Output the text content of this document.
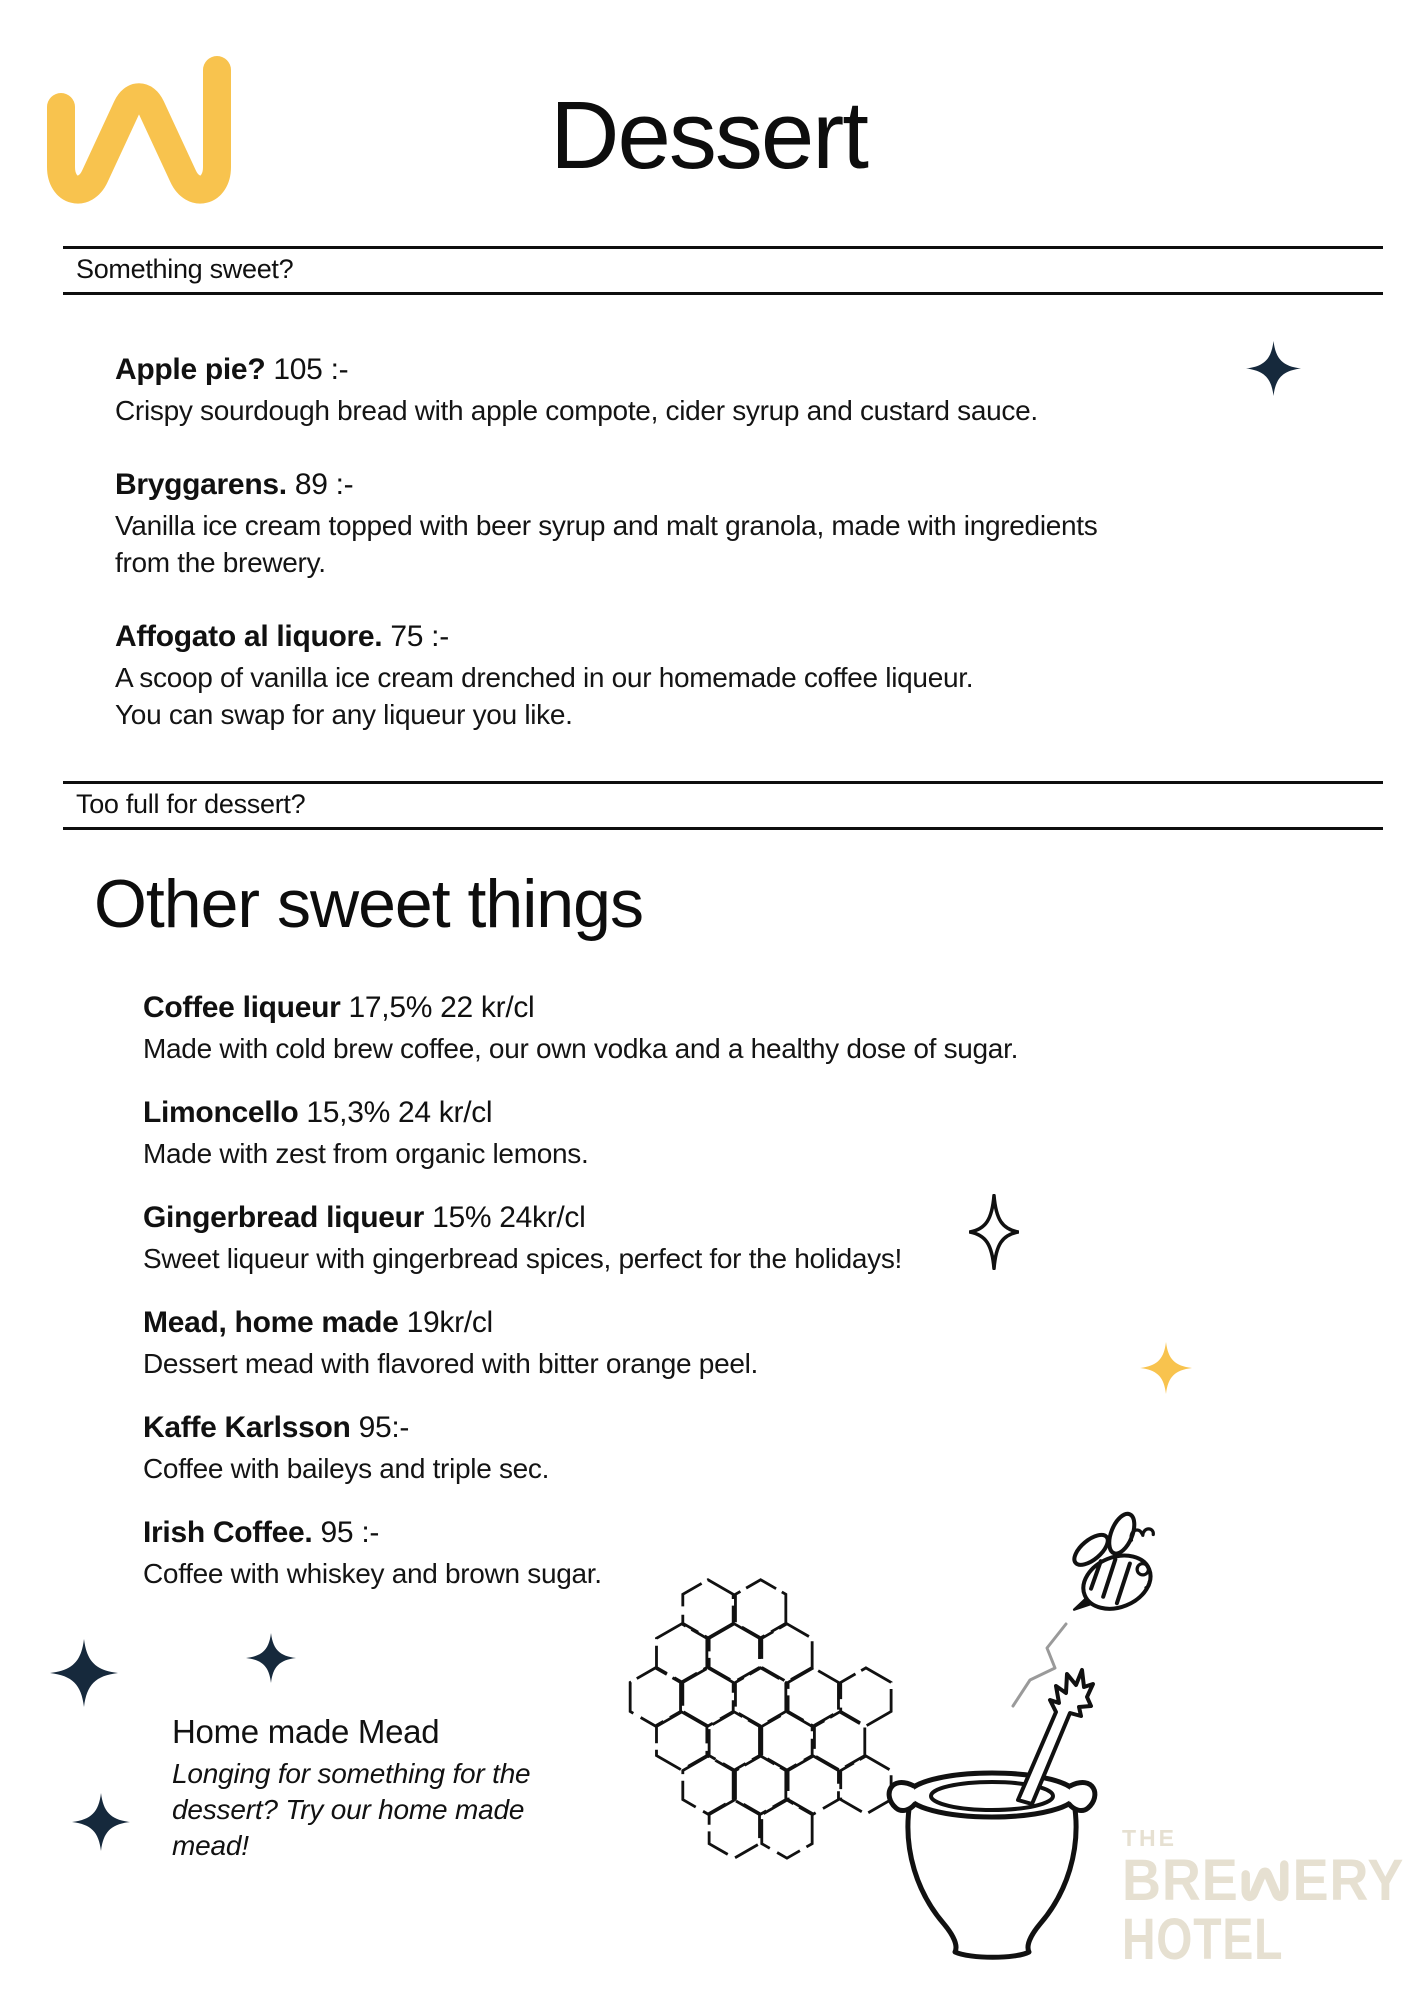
Dessert
Something sweet?
Apple pie? 105 :-

Crispy sourdough bread with apple compote, cider syrup and custard sauce.

Bryggarens. 89 :-

Vanilla ice cream topped with beer syrup and malt granola, made with ingredients

from the brewery.

Affogato al liquore. 75 :-

A scoop of vanilla ice cream drenched in our homemade coffee liqueur.

You can swap for any liqueur you like.

Too full for dessert?
Other sweet things
Coffee liqueur 17,5% 22 kr/cl

Made with cold brew coffee, our own vodka and a healthy dose of sugar.

Limoncello 15,3% 24 kr/cl

Made with zest from organic lemons.

Gingerbread liqueur 15% 24kr/cl

Sweet liqueur with gingerbread spices, perfect for the holidays!

Mead, home made 19kr/cl

Dessert mead with flavored with bitter orange peel.

Kaffe Karlsson 95:-

Coffee with baileys and triple sec.

Irish Coffee. 95 :-

Coffee with whiskey and brown sugar.

Home made Mead
Longing for something for the
dessert? Try our home made
mead!	THE
BRE ERY
HOTEL
